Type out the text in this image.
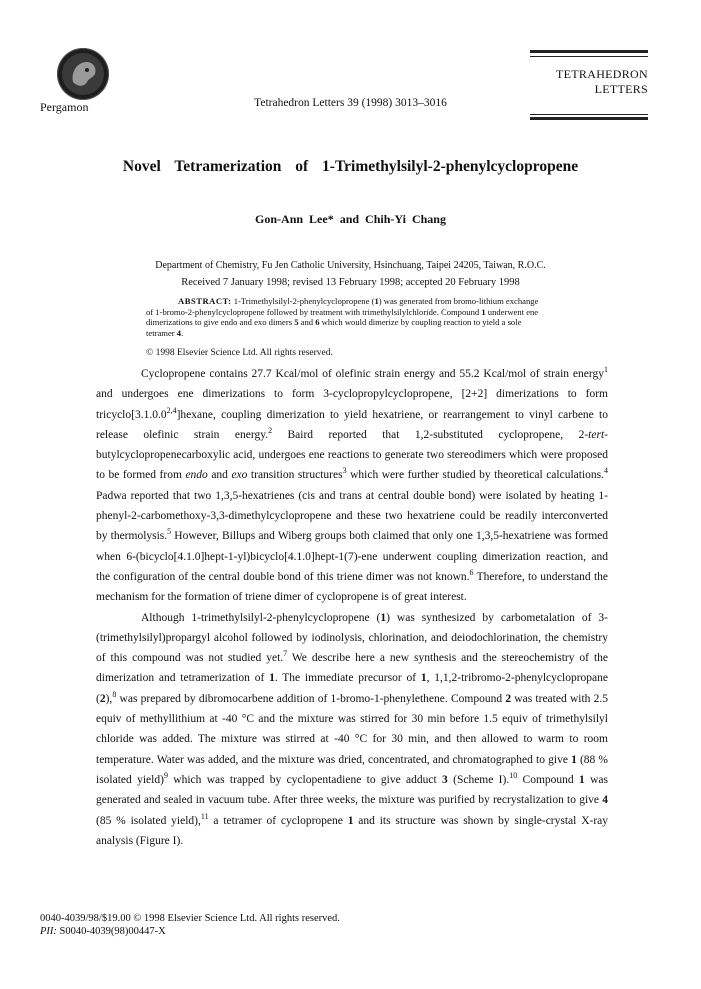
Pergamon	Tetrahedron Letters 39 (1998) 3013–3016
TETRAHEDRON
LETTERS
Novel Tetramerization of 1-Trimethylsilyl-2-phenylcyclopropene
Gon-Ann Lee* and Chih-Yi Chang
Department of Chemistry, Fu Jen Catholic University, Hsinchuang, Taipei 24205, Taiwan, R.O.C.
Received 7 January 1998; revised 13 February 1998; accepted 20 February 1998
ABSTRACT: 1-Trimethylsilyl-2-phenylcyclopropene (1) was generated from bromo-lithium exchange of 1-bromo-2-phenylcyclopropene followed by treatment with trimethylsilylchloride. Compound 1 underwent ene dimerizations to give endo and exo dimers 5 and 6 which would dimerize by coupling reaction to yield a sole tetramer 4.
© 1998 Elsevier Science Ltd. All rights reserved.

Cyclopropene contains 27.7 Kcal/mol of olefinic strain energy and 55.2 Kcal/mol of strain energy$^1$ and undergoes ene dimerizations to form 3-cyclopropylcyclopropene, [2+2] dimerizations to form tricyclo[3.1.0.0$^{2,4}$]hexane, coupling dimerization to yield hexatriene, or rearrangement to vinyl carbene to release olefinic strain energy.$^2$ Baird reported that 1,2-substituted cyclopropene, 2-tert-butylcyclopropenecarboxylic acid, undergoes ene reactions to generate two stereodimers which were proposed to be formed from endo and exo transition structures$^3$ which were further studied by theoretical calculations.$^4$ Padwa reported that two 1,3,5-hexatrienes (cis and trans at central double bond) were isolated by heating 1-phenyl-2-carbomethoxy-3,3-dimethylcyclopropene and these two hexatriene could be readily interconverted by thermolysis.$^5$ However, Billups and Wiberg groups both claimed that only one 1,3,5-hexatriene was formed when 6-(bicyclo[4.1.0]hept-1-yl)bicyclo[4.1.0]hept-1(7)-ene underwent coupling dimerization reaction, and the configuration of the central double bond of this triene dimer was not known.$^6$ Therefore, to understand the mechanism for the formation of triene dimer of cyclopropene is of great interest.

Although 1-trimethylsilyl-2-phenylcyclopropene (1) was synthesized by carbometalation of 3-(trimethylsilyl)propargyl alcohol followed by iodinolysis, chlorination, and deiodochlorination, the chemistry of this compound was not studied yet.$^7$ We describe here a new synthesis and the stereochemistry of the dimerization and tetramerization of 1. The immediate precursor of 1, 1,1,2-tribromo-2-phenylcyclopropane (2),$^8$ was prepared by dibromocarbene addition of 1-bromo-1-phenylethene. Compound 2 was treated with 2.5 equiv of methyllithium at -40 °C and the mixture was stirred for 30 min before 1.5 equiv of trimethylsilyl chloride was added. The mixture was stirred at -40 °C for 30 min, and then allowed to warm to room temperature. Water was added, and the mixture was dried, concentrated, and chromatographed to give 1 (88 % isolated yield)$^9$ which was trapped by cyclopentadiene to give adduct 3 (Scheme I).$^{10}$ Compound 1 was generated and sealed in vacuum tube. After three weeks, the mixture was purified by recrystalization to give 4 (85 % isolated yield),$^{11}$ a tetramer of cyclopropene 1 and its structure was shown by single-crystal X-ray analysis (Figure I).

0040-4039/98/$19.00 © 1998 Elsevier Science Ltd. All rights reserved.
PII: S0040-4039(98)00447-X
